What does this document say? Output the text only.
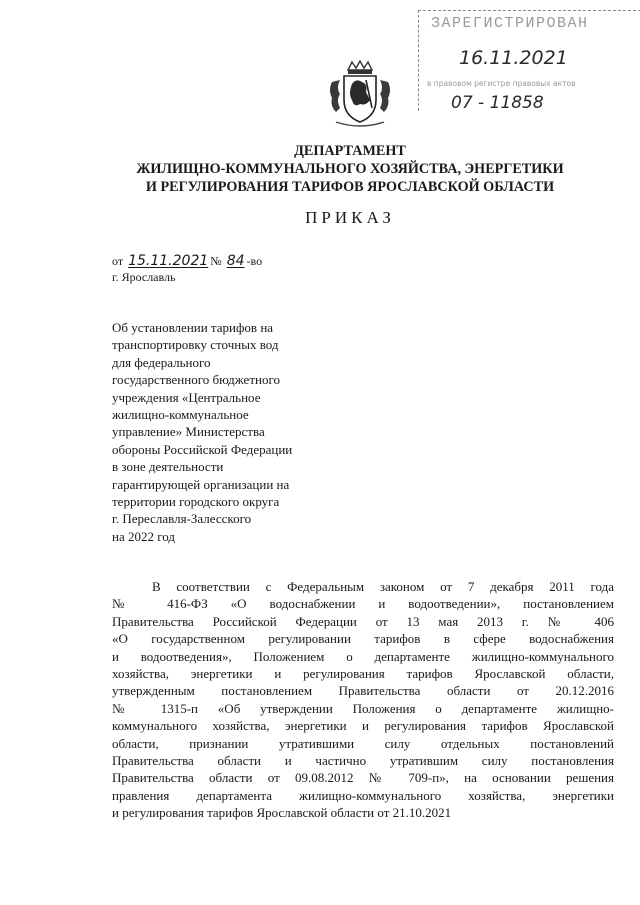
ЗАРЕГИСТРИРОВАН
16.11.2021
в правовом регистре правовых актов
07 - 11858
ДЕПАРТАМЕНТ
ЖИЛИЩНО-КОММУНАЛЬНОГО ХОЗЯЙСТВА, ЭНЕРГЕТИКИ
И РЕГУЛИРОВАНИЯ ТАРИФОВ ЯРОСЛАВСКОЙ ОБЛАСТИ
ПРИКАЗ
от 15.11.2021 № 84 -во
г. Ярославль
Об установлении тарифов на
транспортировку сточных вод
для федерального
государственного бюджетного
учреждения «Центральное
жилищно-коммунальное
управление» Министерства
обороны Российской Федерации
в зоне деятельности
гарантирующей организации на
территории городского округа
г. Переславля-Залесского
на 2022 год
В соответствии с Федеральным законом от 7 декабря 2011 года
№ 416-ФЗ «О водоснабжении и водоотведении», постановлением
Правительства Российской Федерации от 13 мая 2013 г. № 406
«О государственном регулировании тарифов в сфере водоснабжения
и водоотведения», Положением о департаменте жилищно-коммунального
хозяйства, энергетики и регулирования тарифов Ярославской области,
утвержденным постановлением Правительства области от 20.12.2016
№ 1315-п «Об утверждении Положения о департаменте жилищно-
коммунального хозяйства, энергетики и регулирования тарифов Ярославской
области, признании утратившими силу отдельных постановлений
Правительства области и частично утратившим силу постановления
Правительства области от 09.08.2012 № 709-п», на основании решения
правления департамента жилищно-коммунального хозяйства, энергетики
и регулирования тарифов Ярославской области от 21.10.2021
